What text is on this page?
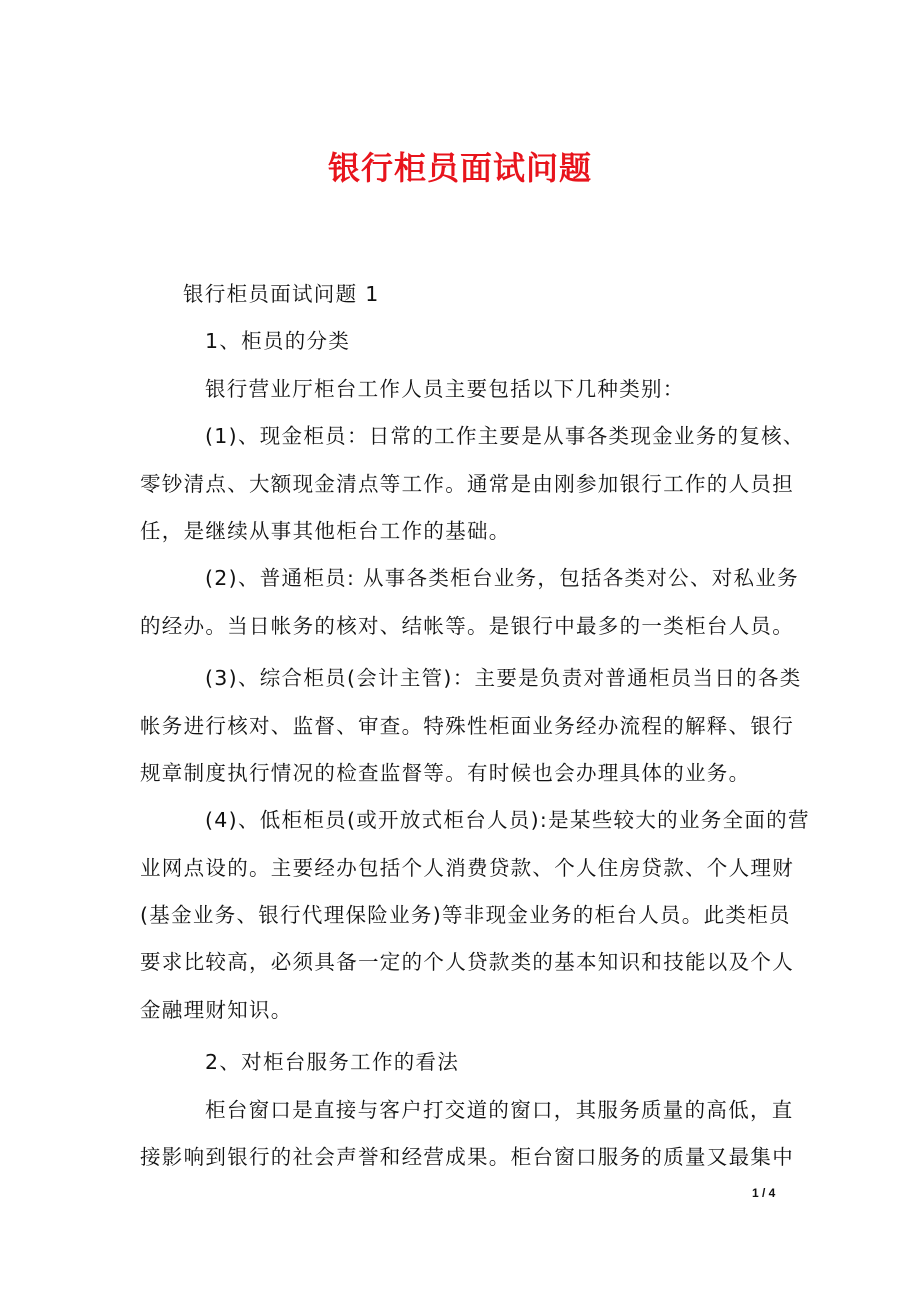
银行柜员面试问题
银行柜员面试问题 1
1、柜员的分类
银行营业厅柜台工作人员主要包括以下几种类别：
(1)、现金柜员：日常的工作主要是从事各类现金业务的复核、
零钞清点、大额现金清点等工作。通常是由刚参加银行工作的人员担
任，是继续从事其他柜台工作的基础。
(2)、普通柜员: 从事各类柜台业务，包括各类对公、对私业务
的经办。当日帐务的核对、结帐等。是银行中最多的一类柜台人员。
(3)、综合柜员(会计主管)：主要是负责对普通柜员当日的各类
帐务进行核对、监督、审查。特殊性柜面业务经办流程的解释、银行
规章制度执行情况的检查监督等。有时候也会办理具体的业务。
(4)、低柜柜员(或开放式柜台人员):是某些较大的业务全面的营
业网点设的。主要经办包括个人消费贷款、个人住房贷款、个人理财
(基金业务、银行代理保险业务)等非现金业务的柜台人员。此类柜员
要求比较高，必须具备一定的个人贷款类的基本知识和技能以及个人
金融理财知识。
2、对柜台服务工作的看法
柜台窗口是直接与客户打交道的窗口，其服务质量的高低，直
接影响到银行的社会声誉和经营成果。柜台窗口服务的质量又最集中
1 / 4
